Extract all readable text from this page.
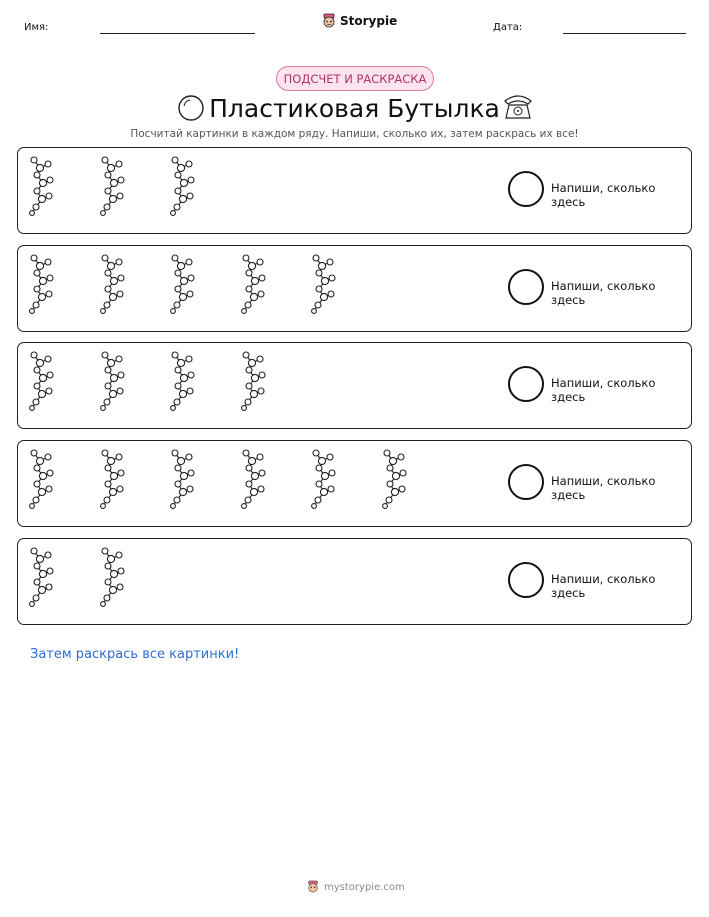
Имя:	Storypie	Дата:
ПОДСЧЕТ И РАСКРАСКА
Пластиковая Бутылка
Посчитай картинки в каждом ряду. Напиши, сколько их, затем раскрась их все!
Напиши, сколько здесь
Напиши, сколько здесь
Напиши, сколько здесь
Напиши, сколько здесь
Напиши, сколько здесь
Затем раскрась все картинки!
mystorypie.com
